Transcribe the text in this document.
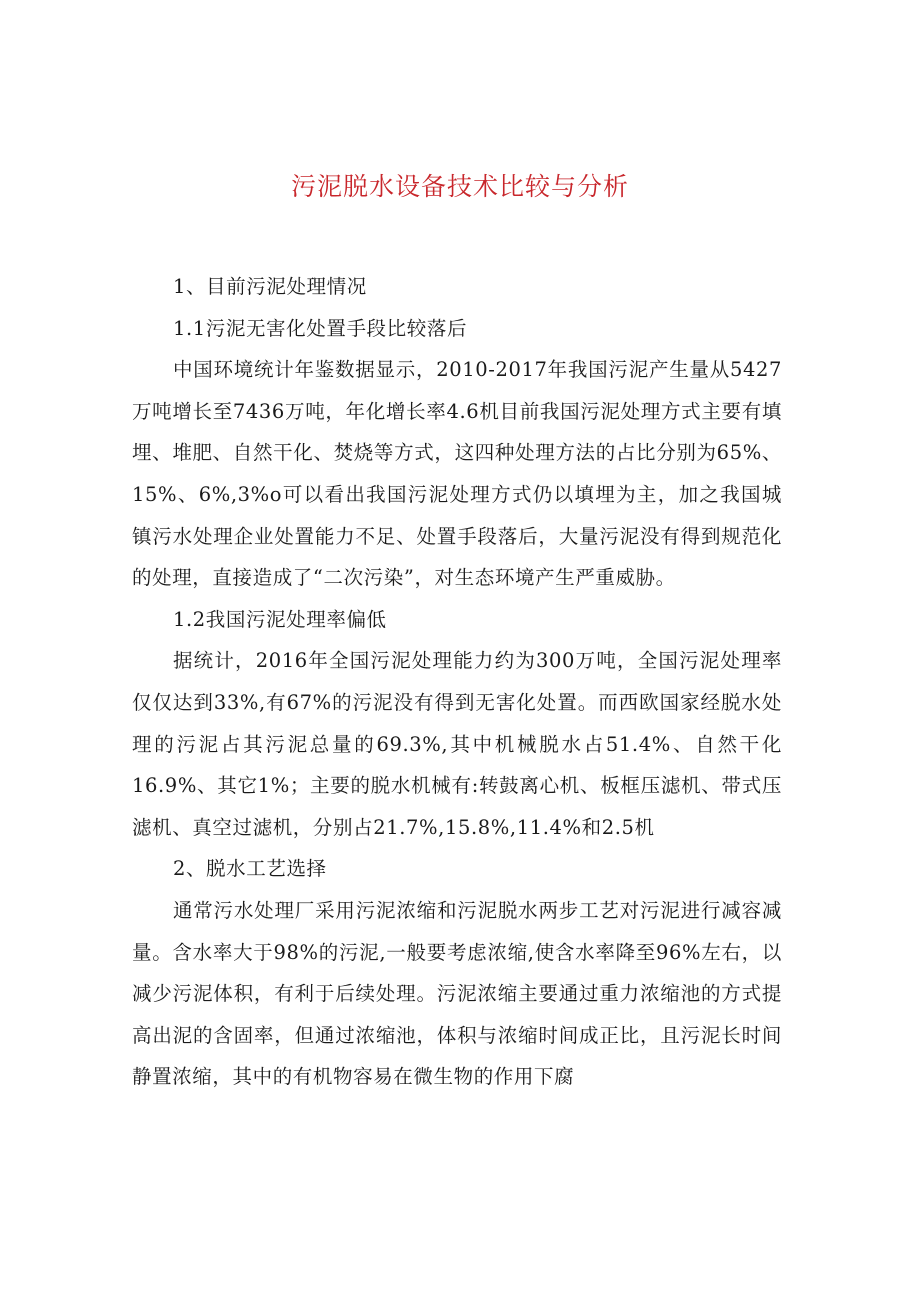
污泥脱水设备技术比较与分析

1、目前污泥处理情况

1.1污泥无害化处置手段比较落后

中国环境统计年鉴数据显示，2010-2017年我国污泥产生量从5427万吨增长至7436万吨，年化增长率4.6机目前我国污泥处理方式主要有填埋、堆肥、自然干化、焚烧等方式，这四种处理方法的占比分别为65%、15%、6%,3%o可以看出我国污泥处理方式仍以填埋为主，加之我国城镇污水处理企业处置能力不足、处置手段落后，大量污泥没有得到规范化的处理，直接造成了“二次污染”，对生态环境产生严重威胁。

1.2我国污泥处理率偏低

据统计，2016年全国污泥处理能力约为300万吨，全国污泥处理率仅仅达到33%,有67%的污泥没有得到无害化处置。而西欧国家经脱水处理的污泥占其污泥总量的69.3%,其中机械脱水占51.4%、自然干化16.9%、其它1%；主要的脱水机械有:转鼓离心机、板框压滤机、带式压滤机、真空过滤机，分别占21.7%,15.8%,11.4%和2.5机

2、脱水工艺选择

通常污水处理厂采用污泥浓缩和污泥脱水两步工艺对污泥进行减容减量。含水率大于98%的污泥,一般要考虑浓缩,使含水率降至96%左右，以减少污泥体积，有利于后续处理。污泥浓缩主要通过重力浓缩池的方式提高出泥的含固率，但通过浓缩池，体积与浓缩时间成正比，且污泥长时间静置浓缩，其中的有机物容易在微生物的作用下腐
